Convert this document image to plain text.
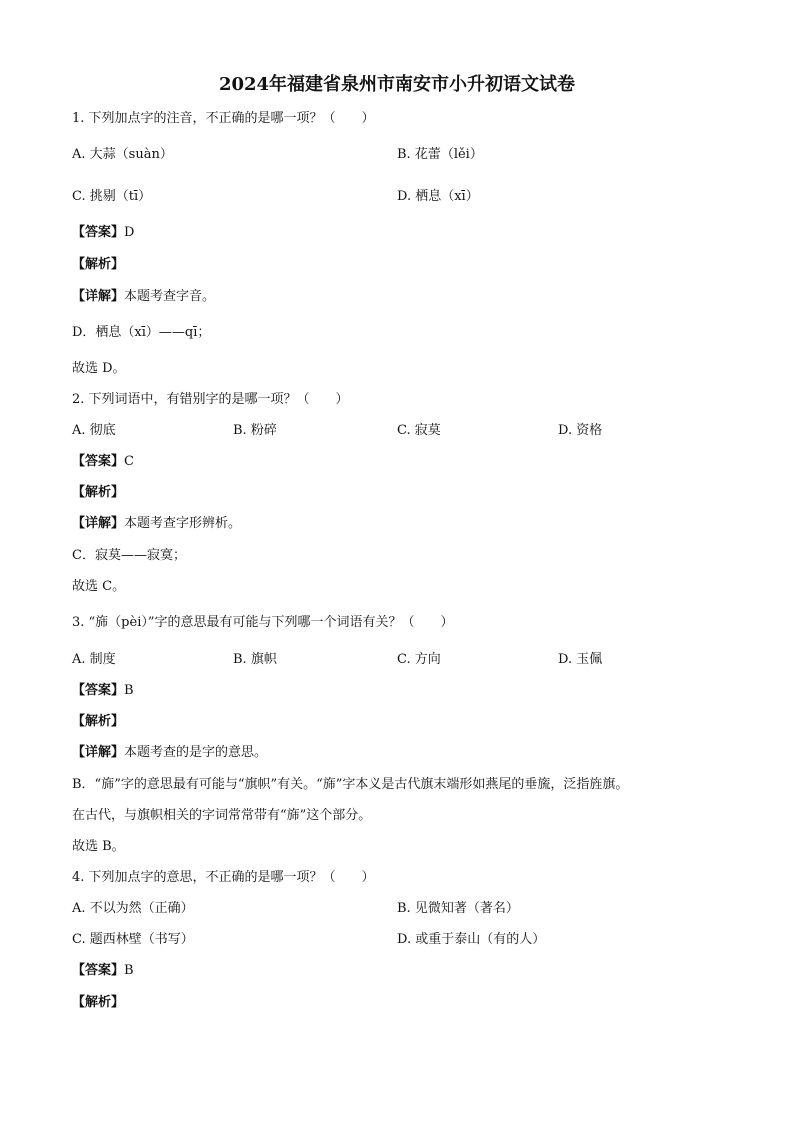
2024年福建省泉州市南安市小升初语文试卷
1. 下列加点字的注音，不正确的是哪一项？（　　）
A. 大蒜（suàn）	B. 花蕾（lěi）
C. 挑剔（tī）	D. 栖息（xī）
【答案】D
【解析】
【详解】本题考查字音。
D．栖息（xī）——qī；
故选 D。
2. 下列词语中，有错别字的是哪一项？（　　）
A. 彻底	B. 粉碎	C. 寂莫	D. 资格
【答案】C
【解析】
【详解】本题考查字形辨析。
C．寂莫——寂寞；
故选 C。
3. “旆（pèi）”字的意思最有可能与下列哪一个词语有关？（　　）
A. 制度	B. 旗帜	C. 方向	D. 玉佩
【答案】B
【解析】
【详解】本题考查的是字的意思。
B．“旆”字的意思最有可能与“旗帜”有关。“旆”字本义是古代旗末端形如燕尾的垂旒，泛指旌旗。
在古代，与旗帜相关的字词常常带有“旆”这个部分。
故选 B。
4. 下列加点字的意思，不正确的是哪一项？（　　）
A. 不以为然（正确）	B. 见微知著（著名）
C. 题西林壁（书写）	D. 或重于泰山（有的人）
【答案】B
【解析】
